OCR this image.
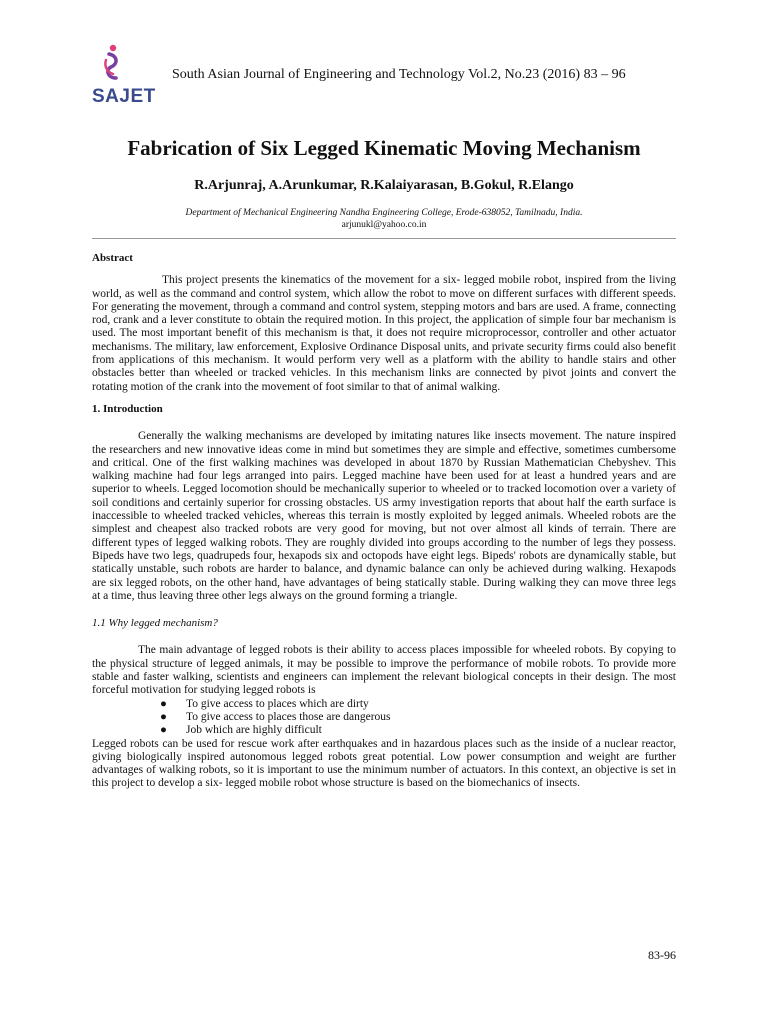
SAJET
South Asian Journal of Engineering and Technology Vol.2, No.23 (2016) 83 – 96
Fabrication of Six Legged Kinematic Moving Mechanism
R.Arjunraj, A.Arunkumar, R.Kalaiyarasan, B.Gokul, R.Elango
Department of Mechanical Engineering Nandha Engineering College, Erode-638052, Tamilnadu, India.
arjunukl@yahoo.co.in
Abstract

This project presents the kinematics of the movement for a six- legged mobile robot, inspired from the living world, as well as the command and control system, which allow the robot to move on different surfaces with different speeds. For generating the movement, through a command and control system, stepping motors and bars are used. A frame, connecting rod, crank and a lever constitute to obtain the required motion. In this project, the application of simple four bar mechanism is used. The most important benefit of this mechanism is that, it does not require microprocessor, controller and other actuator mechanisms. The military, law enforcement, Explosive Ordinance Disposal units, and private security firms could also benefit from applications of this mechanism. It would perform very well as a platform with the ability to handle stairs and other obstacles better than wheeled or tracked vehicles. In this mechanism links are connected by pivot joints and convert the rotating motion of the crank into the movement of foot similar to that of animal walking.

1. Introduction

Generally the walking mechanisms are developed by imitating natures like insects movement. The nature inspired the researchers and new innovative ideas come in mind but sometimes they are simple and effective, sometimes cumbersome and critical. One of the first walking machines was developed in about 1870 by Russian Mathematician Chebyshev. This walking machine had four legs arranged into pairs. Legged machine have been used for at least a hundred years and are superior to wheels. Legged locomotion should be mechanically superior to wheeled or to tracked locomotion over a variety of soil conditions and certainly superior for crossing obstacles. US army investigation reports that about half the earth surface is inaccessible to wheeled tracked vehicles, whereas this terrain is mostly exploited by legged animals. Wheeled robots are the simplest and cheapest also tracked robots are very good for moving, but not over almost all kinds of terrain. There are different types of legged walking robots. They are roughly divided into groups according to the number of legs they possess. Bipeds have two legs, quadrupeds four, hexapods six and octopods have eight legs. Bipeds' robots are dynamically stable, but statically unstable, such robots are harder to balance, and dynamic balance can only be achieved during walking. Hexapods are six legged robots, on the other hand, have advantages of being statically stable. During walking they can move three legs at a time, thus leaving three other legs always on the ground forming a triangle.

1.1 Why legged mechanism?

The main advantage of legged robots is their ability to access places impossible for wheeled robots. By copying to the physical structure of legged animals, it may be possible to improve the performance of mobile robots. To provide more stable and faster walking, scientists and engineers can implement the relevant biological concepts in their design. The most forceful motivation for studying legged robots is

● To give access to places which are dirty
● To give access to places those are dangerous
● Job which are highly difficult

Legged robots can be used for rescue work after earthquakes and in hazardous places such as the inside of a nuclear reactor, giving biologically inspired autonomous legged robots great potential. Low power consumption and weight are further advantages of walking robots, so it is important to use the minimum number of actuators. In this context, an objective is set in this project to develop a six- legged mobile robot whose structure is based on the biomechanics of insects.

83-96
